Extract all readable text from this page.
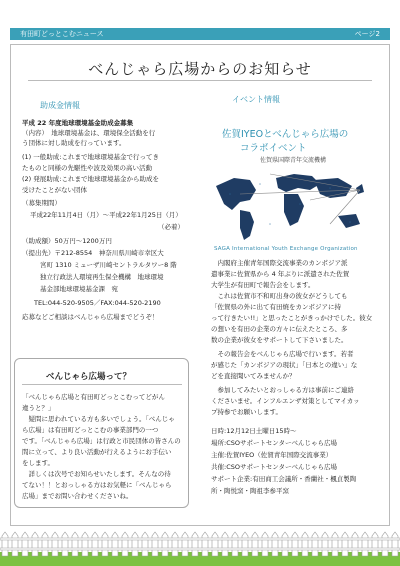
有田町どっとこむニュース	ページ2
べんじゃら広場からのお知らせ
助成金情報
平成 22 年度地球環境基金助成金募集
（内容）　地球環境基金は、環境保全活動を行
う団体に対し助成を行っています。
(1) 一般助成:これまで地球環境基金で行ってき
たものと同様の先駆性や波及効果の高い活動
(2) 発展助成:これまで地球環境基金から助成を
受けたことがない団体
（募集期間）
平成22年11月4日（月）～平成22年1月25日（月）
（必着）
（助成額）50万円～1200万円
（提出先）〒212-8554　神奈川県川崎市幸区大
宮町 1310 ミューザ川崎セントラルタワー8 階
独立行政法人環境再生保全機構　地球環境
基金部地球環境基金課　宛
TEL:044-520-9505／FAX:044-520-2190
応募などご相談はべんじゃら広場までどうぞ！
べんじゃら広場って？
「べんじゃら広場と有田町どっとこむってどがん
違うと？」
　疑問に思われている方も多いでしょう。「べんじゃ
ら広場」は有田町どっとこむの事業部門の一つ
です。「べんじゃら広場」は行政と市民団体の皆さんの
間に立って、より良い活動が行えるようにお手伝い
をします。
　詳しくは次号でお知らせいたします。そんなの待
てない！！とおっしゃる方はお気軽に「べんじゃら
広場」までお問い合わせくださいね。
イベント情報
佐賀IYEOとべんじゃら広場の
コラボイベント
佐賀県国際青年交流機構
SAGA International Youth Exchange Organization
　内閣府主催青年国際交流事業のカンボジア派
遣事業に佐賀県から 4 年ぶりに派遣された佐賀
大学生が有田町で報告会をします。
　これは佐賀市不和町出身の彼女がどうしても
「佐賀県の外に出て有田焼をカンボジアに持
って行きたい!!」と思ったことがきっかけでした。彼女
の想いを有田の企業の方々に伝えたところ、多
数の企業が彼女をサポートして下さいました。
　その報告会をべんじゃら広場で行います。若者
が感じた「カンボジアの現状」「日本との違い」な
どを直接聞いてみませんか？
　参加してみたいとおっしゃる方は事前にご連絡
くださいませ。インフルエンザ対策としてマイカッ
プ持参でお願いします。
日時:12月12日土曜日15時～
場所:CSOサポートセンターべんじゃら広場
主催:佐賀IYEO（佐賀青年国際交流事業）
共催:CSOサポートセンターべんじゃら広場
サポート企業:有田商工会議所・香蘭社・楓貞製陶
所・陶悦窯・陶祖李参平窯
